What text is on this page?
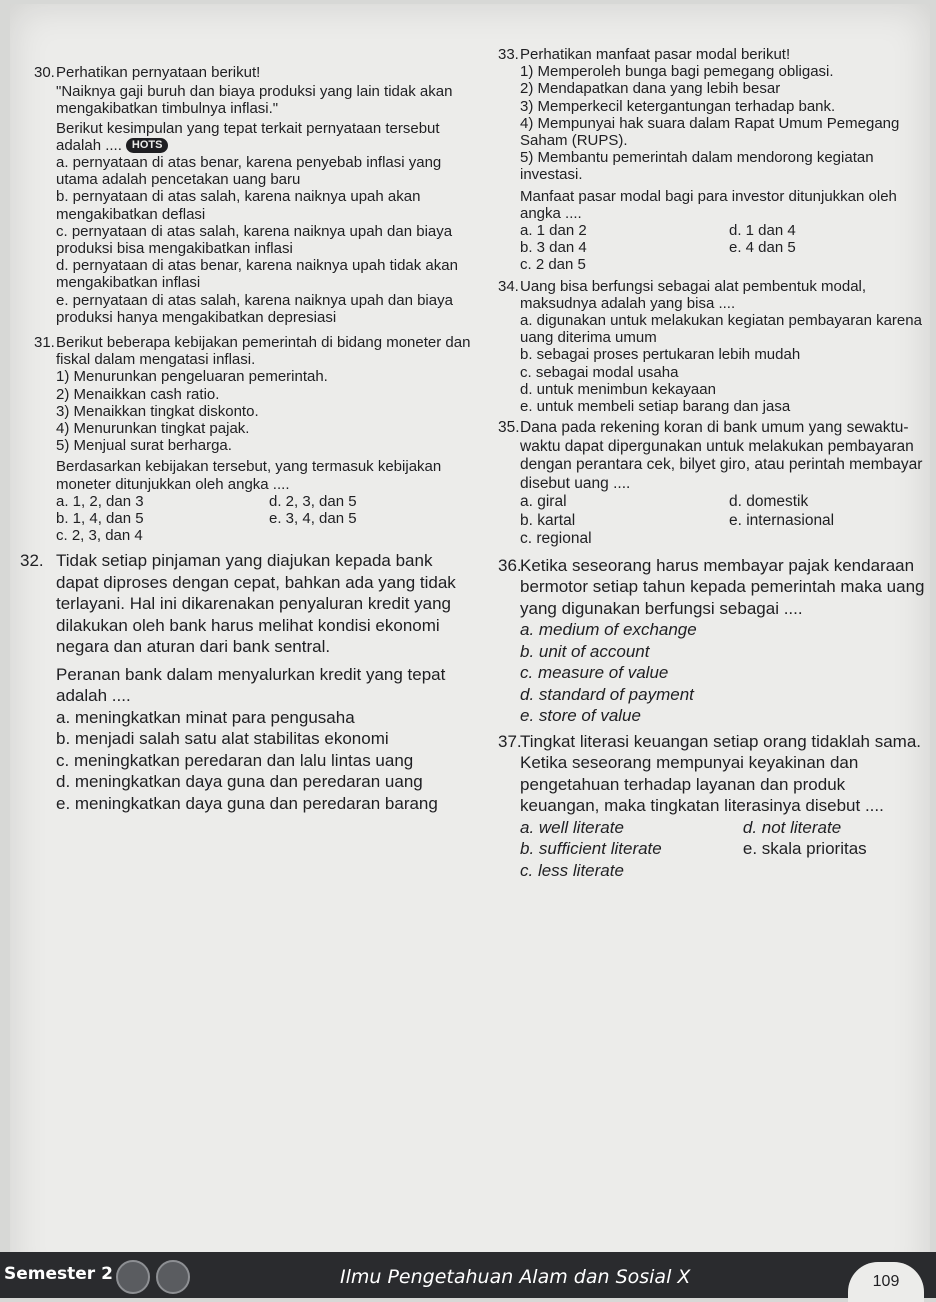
30. Perhatikan pernyataan berikut!
"Naiknya gaji buruh dan biaya produksi yang lain tidak akan mengakibatkan timbulnya inflasi."
Berikut kesimpulan yang tepat terkait pernyataan tersebut adalah .... HOTS
a. pernyataan di atas benar, karena penyebab inflasi yang utama adalah pencetakan uang baru
b. pernyataan di atas salah, karena naiknya upah akan mengakibatkan deflasi
c. pernyataan di atas salah, karena naiknya upah dan biaya produksi bisa mengakibatkan inflasi
d. pernyataan di atas benar, karena naiknya upah tidak akan mengakibatkan inflasi
e. pernyataan di atas salah, karena naiknya upah dan biaya produksi hanya mengakibatkan depresiasi
31. Berikut beberapa kebijakan pemerintah di bidang moneter dan fiskal dalam mengatasi inflasi.
1) Menurunkan pengeluaran pemerintah.
2) Menaikkan cash ratio.
3) Menaikkan tingkat diskonto.
4) Menurunkan tingkat pajak.
5) Menjual surat berharga.
Berdasarkan kebijakan tersebut, yang termasuk kebijakan moneter ditunjukkan oleh angka ....
a. 1, 2, dan 3	d. 2, 3, dan 5
b. 1, 4, dan 5	e. 3, 4, dan 5
c. 2, 3, dan 4
32. Tidak setiap pinjaman yang diajukan kepada bank dapat diproses dengan cepat, bahkan ada yang tidak terlayani. Hal ini dikarenakan penyaluran kredit yang dilakukan oleh bank harus melihat kondisi ekonomi negara dan aturan dari bank sentral.
Peranan bank dalam menyalurkan kredit yang tepat adalah ....
a. meningkatkan minat para pengusaha
b. menjadi salah satu alat stabilitas ekonomi
c. meningkatkan peredaran dan lalu lintas uang
d. meningkatkan daya guna dan peredaran uang
e. meningkatkan daya guna dan peredaran barang
33. Perhatikan manfaat pasar modal berikut!
1) Memperoleh bunga bagi pemegang obligasi.
2) Mendapatkan dana yang lebih besar
3) Memperkecil ketergantungan terhadap bank.
4) Mempunyai hak suara dalam Rapat Umum Pemegang Saham (RUPS).
5) Membantu pemerintah dalam mendorong kegiatan investasi.
Manfaat pasar modal bagi para investor ditunjukkan oleh angka ....
a. 1 dan 2	d. 1 dan 4
b. 3 dan 4	e. 4 dan 5
c. 2 dan 5
34. Uang bisa berfungsi sebagai alat pembentuk modal, maksudnya adalah yang bisa ....
a. digunakan untuk melakukan kegiatan pembayaran karena uang diterima umum
b. sebagai proses pertukaran lebih mudah
c. sebagai modal usaha
d. untuk menimbun kekayaan
e. untuk membeli setiap barang dan jasa
35. Dana pada rekening koran di bank umum yang sewaktu-waktu dapat dipergunakan untuk melakukan pembayaran dengan perantara cek, bilyet giro, atau perintah membayar disebut uang ....
a. giral	d. domestik
b. kartal	e. internasional
c. regional
36.
Ketika seseorang harus membayar pajak kendaraan bermotor setiap tahun kepada pemerintah maka uang yang digunakan berfungsi sebagai ....
a. medium of exchange
b. unit of account
c. measure of value
d. standard of payment
e. store of value
37.
Tingkat literasi keuangan setiap orang tidaklah sama. Ketika seseorang mempunyai keyakinan dan pengetahuan terhadap layanan dan produk keuangan, maka tingkatan literasinya disebut ....
a. well literate	d. not literate
b. sufficient literate	e. skala prioritas
c. less literate
Semester 2	Ilmu Pengetahuan Alam dan Sosial X	109
